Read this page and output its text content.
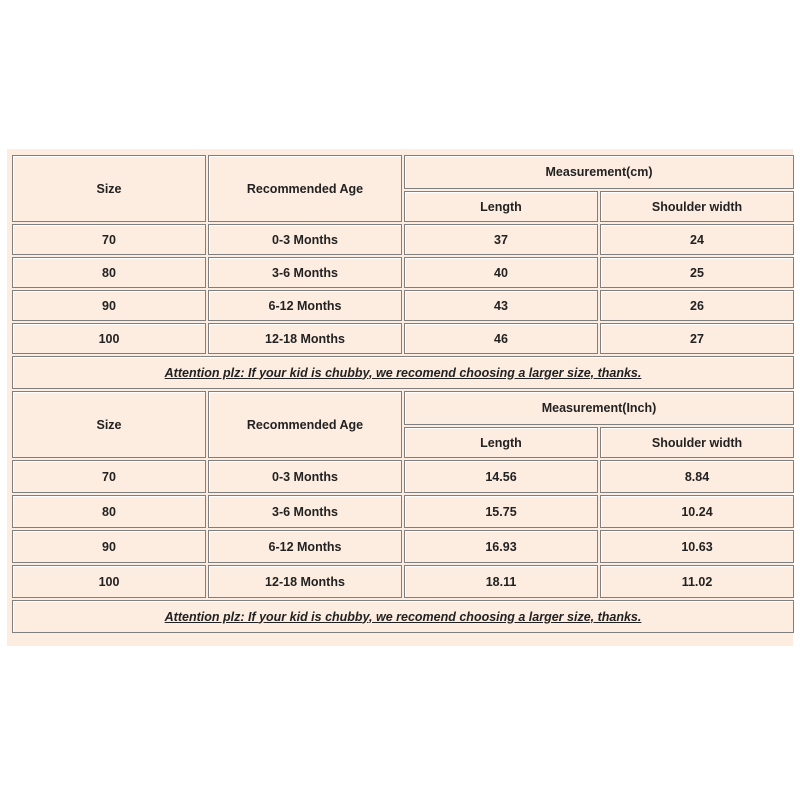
Size	Recommended Age	Measurement(cm)	
		Length	Shoulder width
70	0-3 Months	37	24
80	3-6 Months	40	25
90	6-12 Months	43	26
100	12-18 Months	46	27
Attention plz: If your kid is chubby, we recomend choosing a larger size, thanks.			
Size	Recommended Age	Measurement(Inch)	
		Length	Shoulder width
70	0-3 Months	14.56	8.84
80	3-6 Months	15.75	10.24
90	6-12 Months	16.93	10.63
100	12-18 Months	18.11	11.02
Attention plz: If your kid is chubby, we recomend choosing a larger size, thanks.			
